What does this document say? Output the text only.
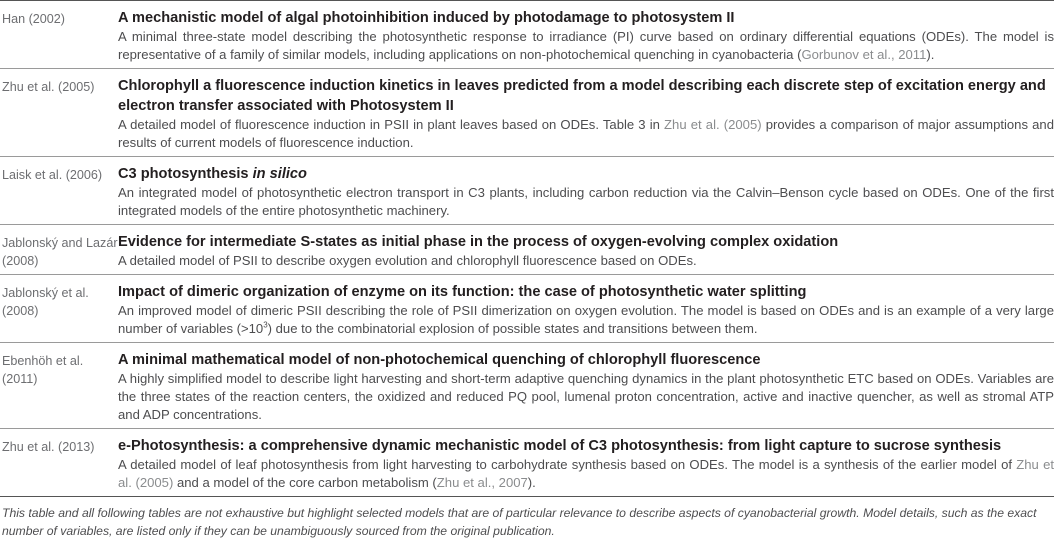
Han (2002)	A mechanistic model of algal photoinhibition induced by photodamage to photosystem II

A minimal three-state model describing the photosynthetic response to irradiance (PI) curve based on ordinary differential equations (ODEs). The model is representative of a family of similar models, including applications on non-photochemical quenching in cyanobacteria (Gorbunov et al., 2011).

Zhu et al. (2005)	Chlorophyll a fluorescence induction kinetics in leaves predicted from a model describing each discrete step of excitation energy and electron transfer associated with Photosystem II

A detailed model of fluorescence induction in PSII in plant leaves based on ODEs. Table 3 in Zhu et al. (2005) provides a comparison of major assumptions and results of current models of fluorescence induction.

Laisk et al. (2006)	C3 photosynthesis in silico

An integrated model of photosynthetic electron transport in C3 plants, including carbon reduction via the Calvin–Benson cycle based on ODEs. One of the first integrated models of the entire photosynthetic machinery.

Jablonský and Lazár (2008)	Evidence for intermediate S-states as initial phase in the process of oxygen-evolving complex oxidation

A detailed model of PSII to describe oxygen evolution and chlorophyll fluorescence based on ODEs.

Jablonský et al. (2008)	Impact of dimeric organization of enzyme on its function: the case of photosynthetic water splitting

An improved model of dimeric PSII describing the role of PSII dimerization on oxygen evolution. The model is based on ODEs and is an example of a very large number of variables $(>10^3)$ due to the combinatorial explosion of possible states and transitions between them.

Ebenhöh et al. (2011)	A minimal mathematical model of non-photochemical quenching of chlorophyll fluorescence

A highly simplified model to describe light harvesting and short-term adaptive quenching dynamics in the plant photosynthetic ETC based on ODEs. Variables are the three states of the reaction centers, the oxidized and reduced PQ pool, lumenal proton concentration, active and inactive quencher, as well as stromal ATP and ADP concentrations.

Zhu et al. (2013)	e-Photosynthesis: a comprehensive dynamic mechanistic model of C3 photosynthesis: from light capture to sucrose synthesis

A detailed model of leaf photosynthesis from light harvesting to carbohydrate synthesis based on ODEs. The model is a synthesis of the earlier model of Zhu et al. (2005) and a model of the core carbon metabolism (Zhu et al., 2007).

This table and all following tables are not exhaustive but highlight selected models that are of particular relevance to describe aspects of cyanobacterial growth. Model details, such as the exact number of variables, are listed only if they can be unambiguously sourced from the original publication.
